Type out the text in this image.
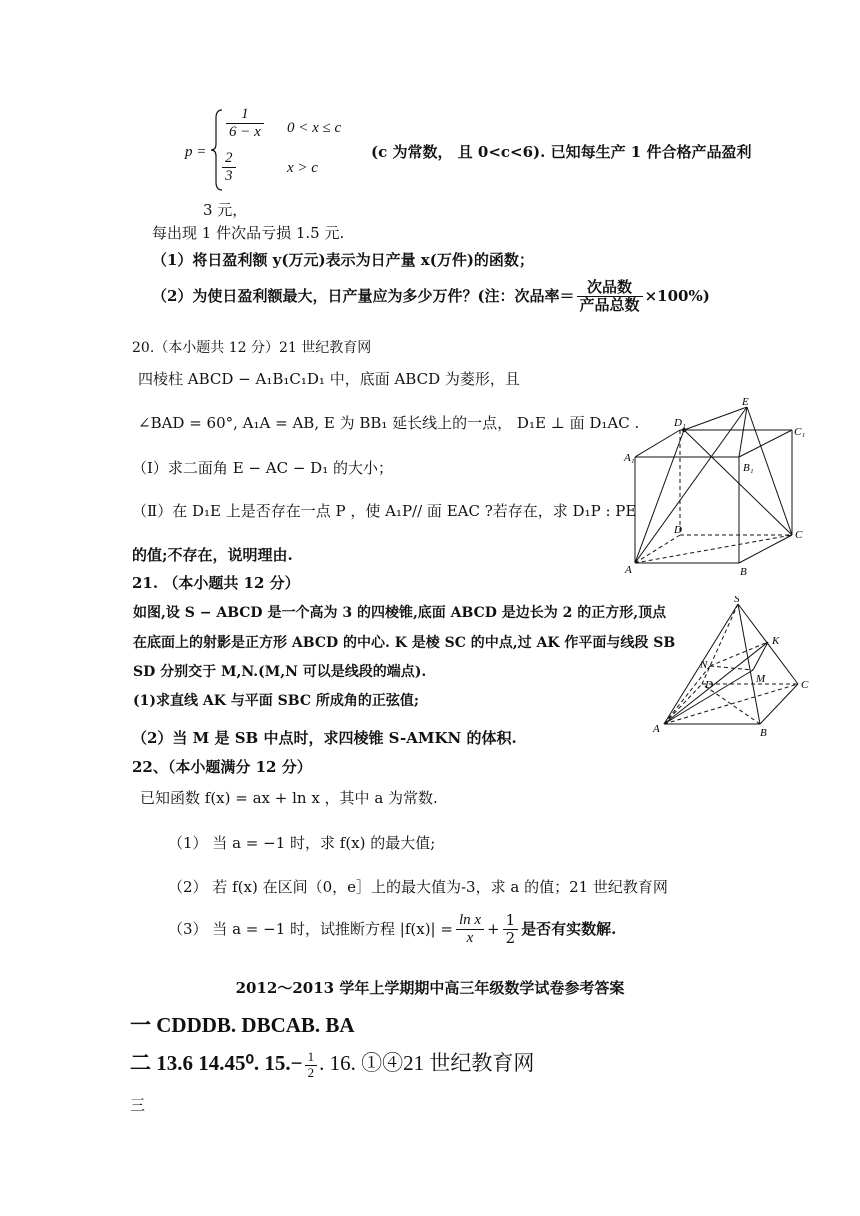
p =
$\frac{1}{6 - x} 0 < x \le c$
$\frac{2}{3}$	x > c
(c 为常数， 且 0<c<6). 已知每生产 1 件合格产品盈利
3 元，
每出现 1 件次品亏损 1.5 元.
（1）将日盈利额 y(万元)表示为日产量 x(万件)的函数；
（2）为使日盈利额最大，日产量应为多少万件？(注：次品率＝ $\frac{\text{次品数}}{\text{产品总数}} \times 100\%$)
20.（本小题共 12 分）21 世纪教育网
四棱柱 ABCD − A₁B₁C₁D₁ 中，底面 ABCD 为菱形，且
∠BAD = 60°, A₁A = AB, E 为 BB₁ 延长线上的一点， D₁E ⊥ 面 D₁AC .
（Ⅰ）求二面角 E − AC − D₁ 的大小；
（Ⅱ）在 D₁E 上是否存在一点 P ，使 A₁P// 面 EAC ?若存在，求 D₁P : PE
的值;不存在，说明理由.
D₁
E
C₁
A₁
B₁
D	C
A	B
21. （本小题共 12 分）
如图,设 S − ABCD 是一个高为 3 的四棱锥,底面 ABCD 是边长为 2 的正方形,顶点
在底面上的射影是正方形 ABCD 的中心. K 是棱 SC 的中点,过 AK 作平面与线段 SB
SD 分别交于 M,N.(M,N 可以是线段的端点).
(1)求直线 AK 与平面 SBC 所成角的正弦值;
（2）当 M 是 SB 中点时，求四棱锥 S-AMKN 的体积.
S
K
N
D	M	C
A	B
22、（本小题满分 12 分）
已知函数 f(x) = ax + ln x ，其中 a 为常数.
（1） 当 a = −1 时，求 f(x) 的最大值;
（2） 若 f(x) 在区间（0，e］上的最大值为-3，求 a 的值；21 世纪教育网
（3） 当 a = −1 时，试推断方程 $|f(x)| = \frac{\text{ln x}}{x} + \frac{1}{2}$ 是否有实数解.
2012～2013 学年上学期期中高三年级数学试卷参考答案
一 CDDDB. DBCAB. BA
二 13.6 14.45⁰. $15.- \frac{1}{2}$ . 16. ①④21 世纪教育网
三
